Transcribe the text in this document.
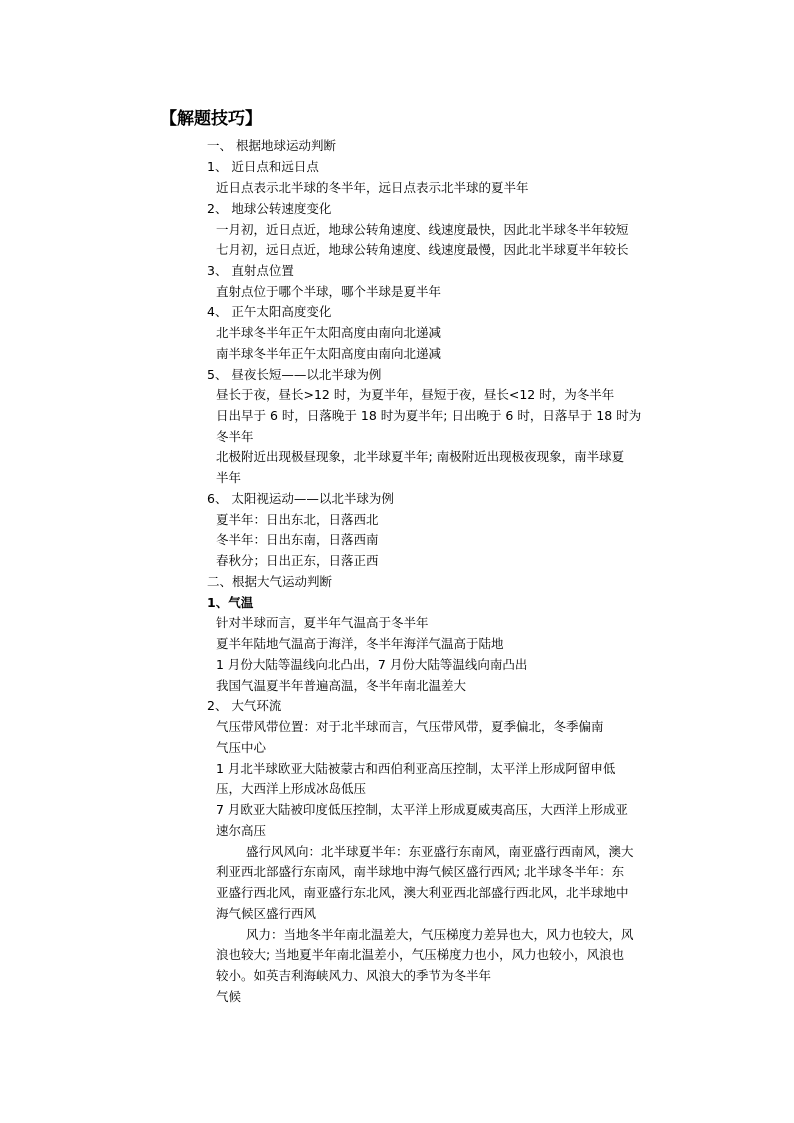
【解题技巧】
一、 根据地球运动判断
1、 近日点和远日点
近日点表示北半球的冬半年，远日点表示北半球的夏半年
2、 地球公转速度变化
一月初，近日点近，地球公转角速度、线速度最快，因此北半球冬半年较短
七月初，远日点近，地球公转角速度、线速度最慢，因此北半球夏半年较长
3、 直射点位置
直射点位于哪个半球，哪个半球是夏半年
4、 正午太阳高度变化
北半球冬半年正午太阳高度由南向北递减
南半球冬半年正午太阳高度由南向北递减
5、 昼夜长短——以北半球为例
昼长于夜，昼长>12 时，为夏半年，昼短于夜，昼长<12 时，为冬半年
日出早于 6 时，日落晚于 18 时为夏半年; 日出晚于 6 时，日落早于 18 时为
冬半年
北极附近出现极昼现象，北半球夏半年; 南极附近出现极夜现象，南半球夏
半年
6、 太阳视运动——以北半球为例
夏半年：日出东北，日落西北
冬半年：日出东南，日落西南
春秋分；日出正东，日落正西
二、根据大气运动判断
1、气温
针对半球而言，夏半年气温高于冬半年
夏半年陆地气温高于海洋，冬半年海洋气温高于陆地
1 月份大陆等温线向北凸出，7 月份大陆等温线向南凸出
我国气温夏半年普遍高温，冬半年南北温差大
2、 大气环流
气压带风带位置：对于北半球而言，气压带风带，夏季偏北，冬季偏南
气压中心
1 月北半球欧亚大陆被蒙古和西伯利亚高压控制，太平洋上形成阿留申低
压，大西洋上形成冰岛低压
7 月欧亚大陆被印度低压控制，太平洋上形成夏威夷高压，大西洋上形成亚
速尔高压
盛行风风向：北半球夏半年：东亚盛行东南风，南亚盛行西南风，澳大
利亚西北部盛行东南风，南半球地中海气候区盛行西风; 北半球冬半年：东
亚盛行西北风，南亚盛行东北风，澳大利亚西北部盛行西北风，北半球地中
海气候区盛行西风
风力：当地冬半年南北温差大，气压梯度力差异也大，风力也较大，风
浪也较大; 当地夏半年南北温差小，气压梯度力也小，风力也较小，风浪也
较小。如英吉利海峡风力、风浪大的季节为冬半年
气候
